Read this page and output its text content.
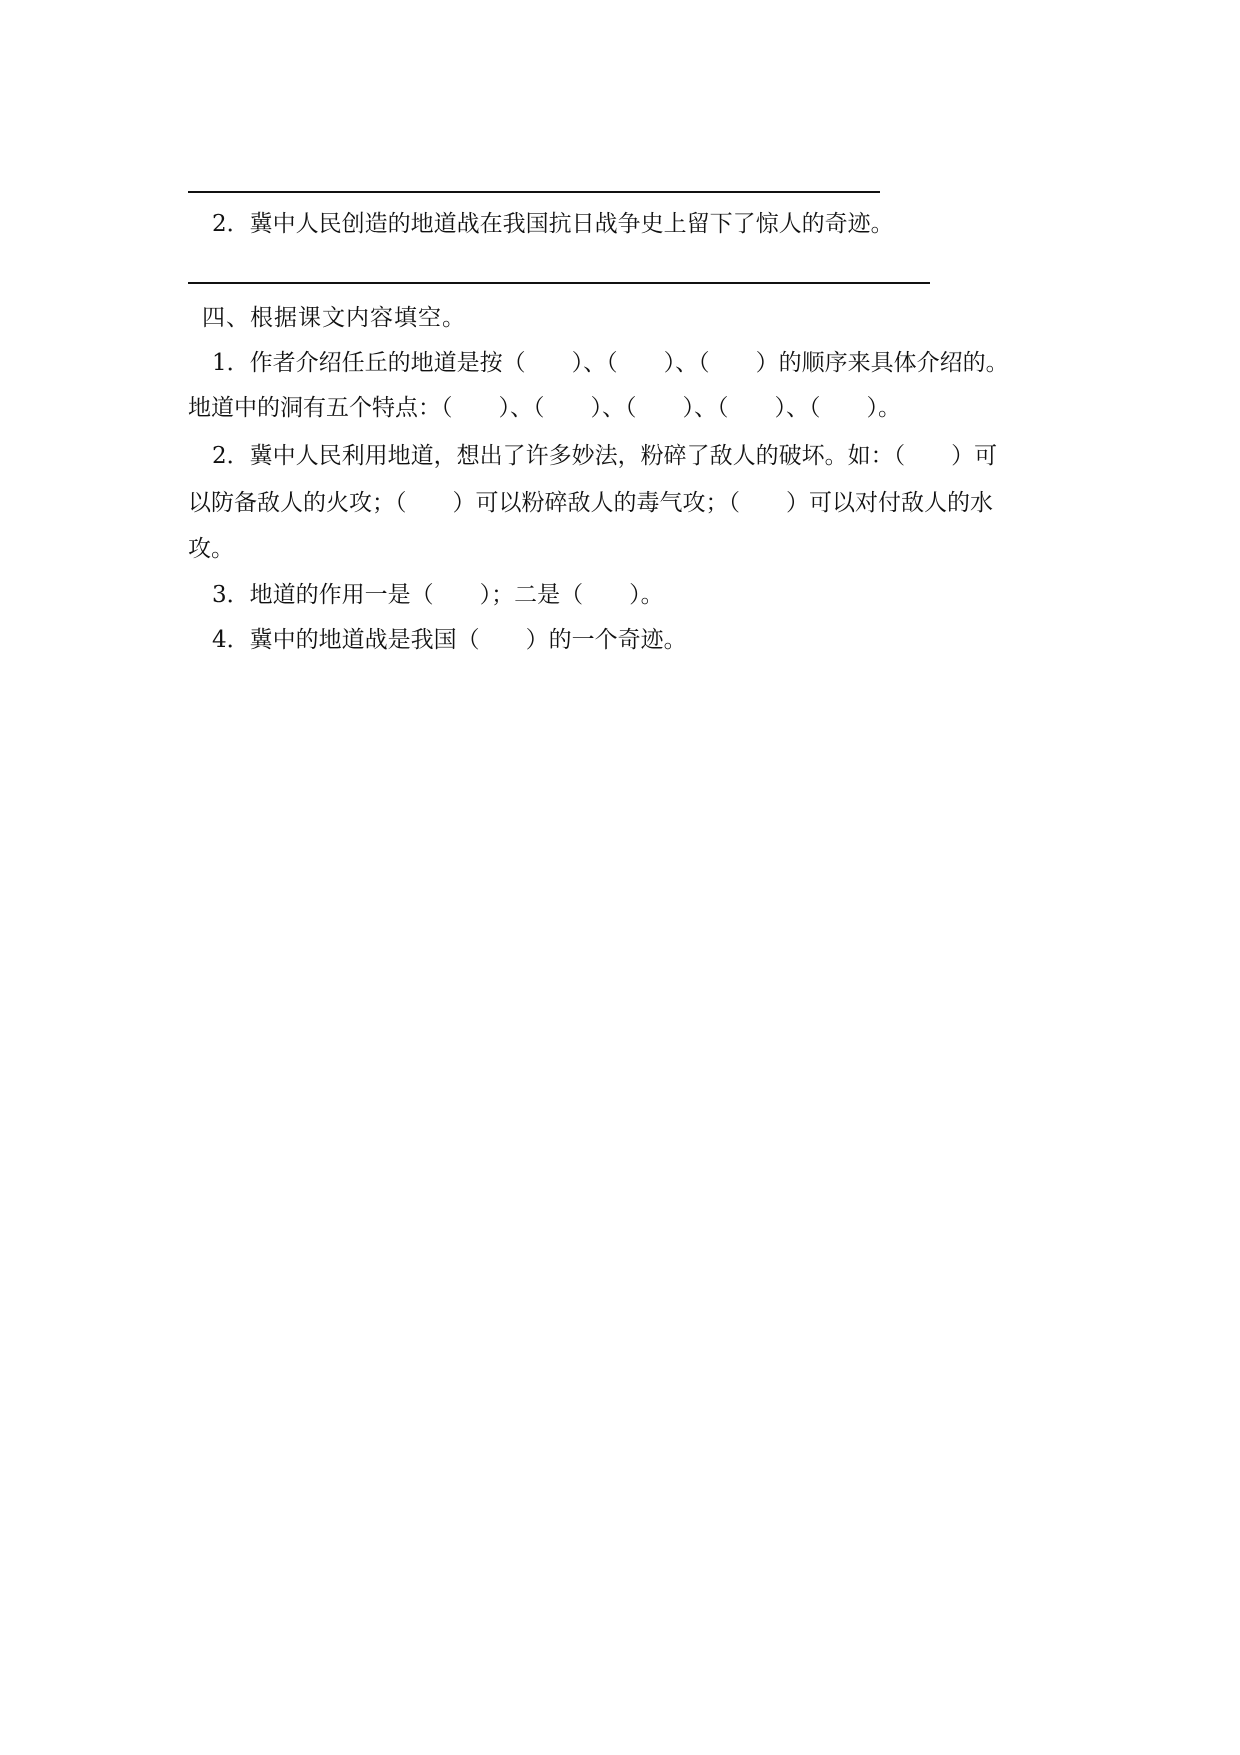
2．冀中人民创造的地道战在我国抗日战争史上留下了惊人的奇迹。
四、根据课文内容填空。
1．作者介绍任丘的地道是按（　　）、（　　）、（　　）的顺序来具体介绍的。
地道中的洞有五个特点：（　　）、（　　）、（　　）、（　　）、（　　）。
2．冀中人民利用地道，想出了许多妙法，粉碎了敌人的破坏。如：（　　）可
以防备敌人的火攻；（　　）可以粉碎敌人的毒气攻；（　　）可以对付敌人的水
攻。
3．地道的作用一是（　　）；二是（　　）。
4．冀中的地道战是我国（　　）的一个奇迹。
